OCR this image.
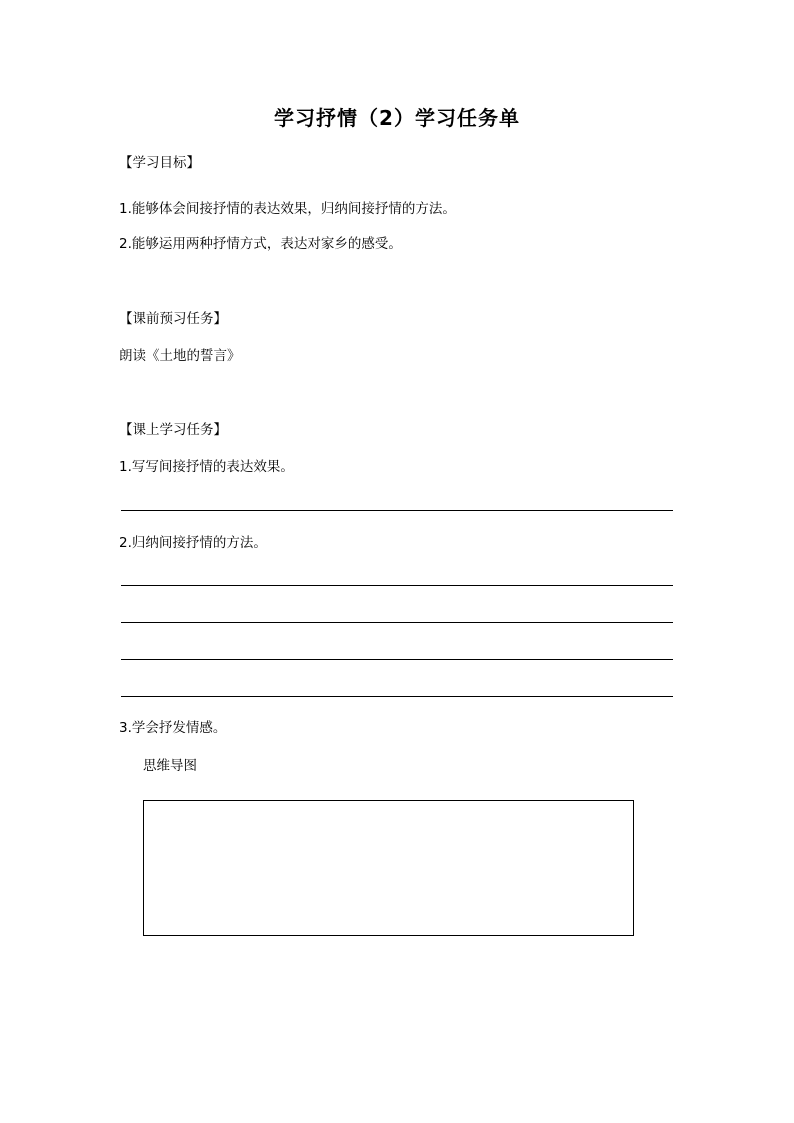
学习抒情（2）学习任务单
【学习目标】
1.能够体会间接抒情的表达效果，归纳间接抒情的方法。
2.能够运用两种抒情方式，表达对家乡的感受。
【课前预习任务】
朗读《土地的誓言》
【课上学习任务】
1.写写间接抒情的表达效果。
2.归纳间接抒情的方法。
3.学会抒发情感。
思维导图
